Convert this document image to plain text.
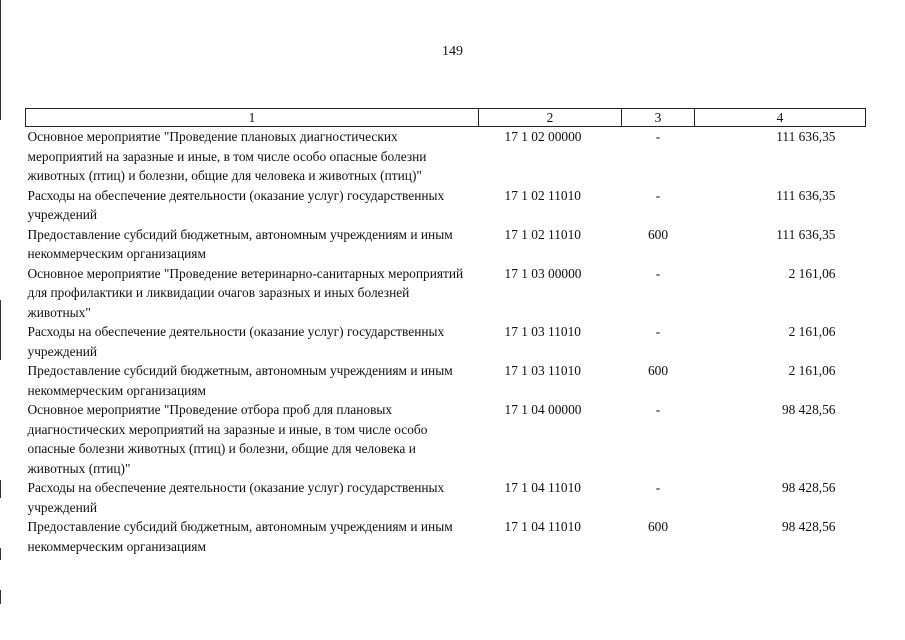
149
1	2	3	4
Основное мероприятие "Проведение плановых диагностических мероприятий на заразные и иные, в том числе особо опасные болезни животных (птиц) и болезни, общие для человека и животных (птиц)"	17 1 02 00000	-	111 636,35
Расходы на обеспечение деятельности (оказание услуг) государственных учреждений	17 1 02 11010	-	111 636,35
Предоставление субсидий бюджетным, автономным учреждениям и иным некоммерческим организациям	17 1 02 11010	600	111 636,35
Основное мероприятие "Проведение ветеринарно-санитарных мероприятий для профилактики и ликвидации очагов заразных и иных болезней животных"	17 1 03 00000	-	2 161,06
Расходы на обеспечение деятельности (оказание услуг) государственных учреждений	17 1 03 11010	-	2 161,06
Предоставление субсидий бюджетным, автономным учреждениям и иным некоммерческим организациям	17 1 03 11010	600	2 161,06
Основное мероприятие "Проведение отбора проб для плановых диагностических мероприятий на заразные и иные, в том числе особо опасные болезни животных (птиц) и болезни, общие для человека и животных (птиц)"	17 1 04 00000	-	98 428,56
Расходы на обеспечение деятельности (оказание услуг) государственных учреждений	17 1 04 11010	-	98 428,56
Предоставление субсидий бюджетным, автономным учреждениям и иным некоммерческим организациям	17 1 04 11010	600	98 428,56
